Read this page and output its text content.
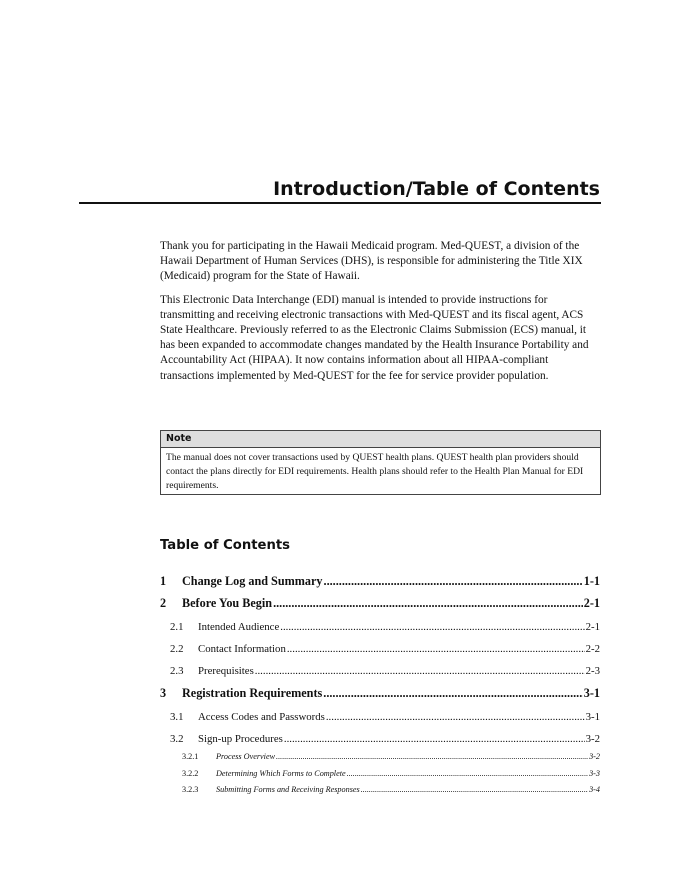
Introduction/Table of Contents

Thank you for participating in the Hawaii Medicaid program. Med-QUEST, a division of the Hawaii Department of Human Services (DHS), is responsible for administering the Title XIX (Medicaid) program for the State of Hawaii.

This Electronic Data Interchange (EDI) manual is intended to provide instructions for transmitting and receiving electronic transactions with Med-QUEST and its fiscal agent, ACS State Healthcare. Previously referred to as the Electronic Claims Submission (ECS) manual, it has been expanded to accommodate changes mandated by the Health Insurance Portability and Accountability Act (HIPAA). It now contains information about all HIPAA-compliant transactions implemented by Med-QUEST for the fee for service provider population.

Note
The manual does not cover transactions used by QUEST health plans. QUEST health plan providers should contact the plans directly for EDI requirements. Health plans should refer to the Health Plan Manual for EDI requirements.
Table of Contents
1	Change Log and Summary .....	1-1
2	Before You Begin .....	2-1
2.1	Intended Audience .....	2-1
2.2	Contact Information .....	2-2
2.3	Prerequisites .....	2-3
3	Registration Requirements .....	3-1
3.1	Access Codes and Passwords .....	3-1
3.2	Sign-up Procedures .....	3-2
3.2.1	Process Overview .....	3-2
3.2.2	Determining Which Forms to Complete .....	3-3
3.2.3	Submitting Forms and Receiving Responses .....	3-4
